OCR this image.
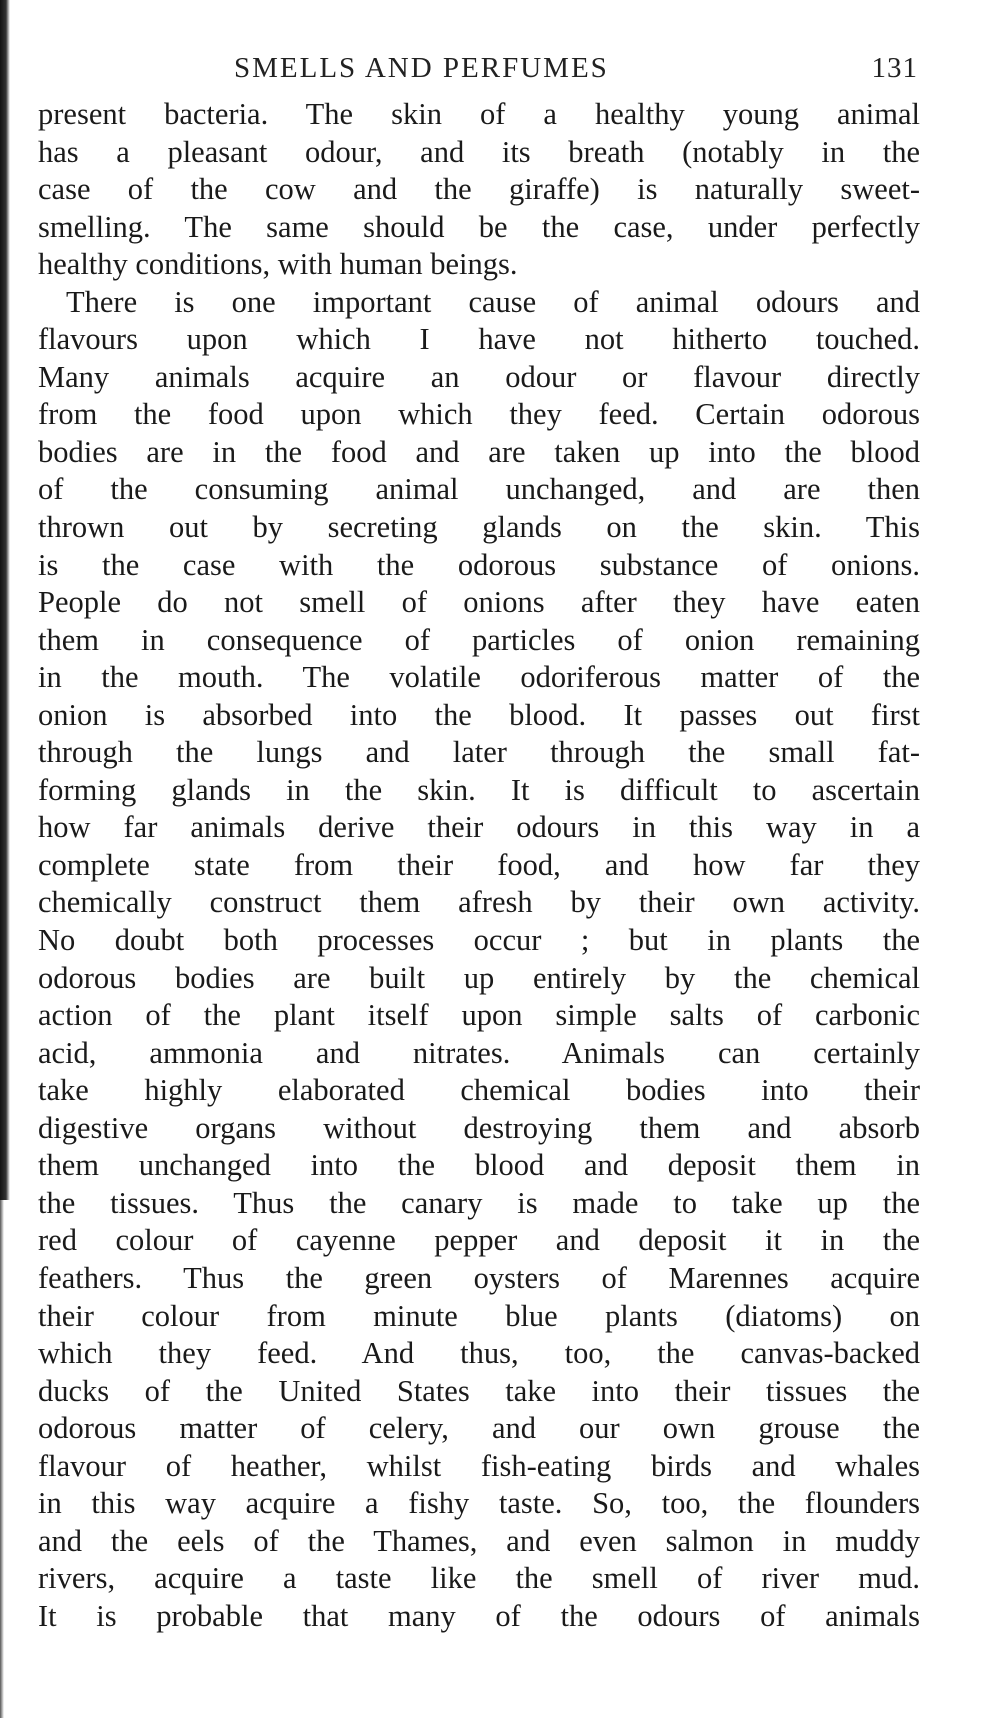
SMELLS AND PERFUMES	131
present bacteria. The skin of a healthy young animal
has a pleasant odour, and its breath (notably in the
case of the cow and the giraffe) is naturally sweet-
smelling. The same should be the case, under perfectly
healthy conditions, with human beings.
There is one important cause of animal odours and
flavours upon which I have not hitherto touched.
Many animals acquire an odour or flavour directly
from the food upon which they feed. Certain odorous
bodies are in the food and are taken up into the blood
of the consuming animal unchanged, and are then
thrown out by secreting glands on the skin. This
is the case with the odorous substance of onions.
People do not smell of onions after they have eaten
them in consequence of particles of onion remaining
in the mouth. The volatile odoriferous matter of the
onion is absorbed into the blood. It passes out first
through the lungs and later through the small fat-
forming glands in the skin. It is difficult to ascertain
how far animals derive their odours in this way in a
complete state from their food, and how far they
chemically construct them afresh by their own activity.
No doubt both processes occur ; but in plants the
odorous bodies are built up entirely by the chemical
action of the plant itself upon simple salts of carbonic
acid, ammonia and nitrates. Animals can certainly
take highly elaborated chemical bodies into their
digestive organs without destroying them and absorb
them unchanged into the blood and deposit them in
the tissues. Thus the canary is made to take up the
red colour of cayenne pepper and deposit it in the
feathers. Thus the green oysters of Marennes acquire
their colour from minute blue plants (diatoms) on
which they feed. And thus, too, the canvas-backed
ducks of the United States take into their tissues the
odorous matter of celery, and our own grouse the
flavour of heather, whilst fish-eating birds and whales
in this way acquire a fishy taste. So, too, the flounders
and the eels of the Thames, and even salmon in muddy
rivers, acquire a taste like the smell of river mud.
It is probable that many of the odours of animals
